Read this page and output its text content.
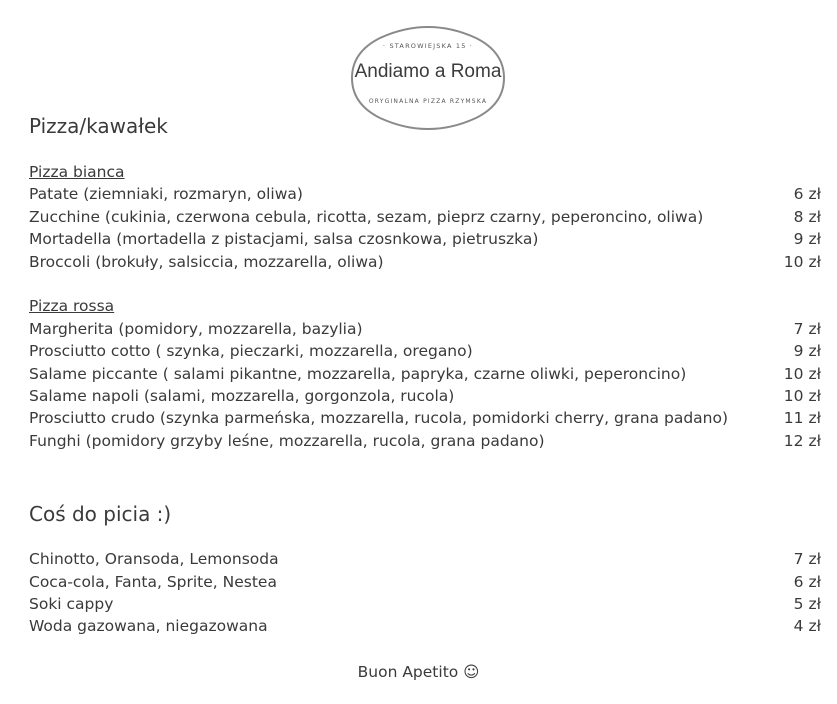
· STAROWIEJSKA 15 ·
Andiamo a Roma
ORYGINALNA PIZZA RZYMSKA
Pizza/kawałek
Pizza bianca
Patate (ziemniaki, rozmaryn, oliwa)	6 zł
Zucchine (cukinia, czerwona cebula, ricotta, sezam, pieprz czarny, peperoncino, oliwa)	8 zł
Mortadella (mortadella z pistacjami, salsa czosnkowa, pietruszka)	9 zł
Broccoli (brokuły, salsiccia, mozzarella, oliwa)	10 zł
Pizza rossa
Margherita (pomidory, mozzarella, bazylia)	7 zł
Prosciutto cotto ( szynka, pieczarki, mozzarella, oregano)	9 zł
Salame piccante ( salami pikantne, mozzarella, papryka, czarne oliwki, peperoncino)	10 zł
Salame napoli (salami, mozzarella, gorgonzola, rucola)	10 zł
Prosciutto crudo (szynka parmeńska, mozzarella, rucola, pomidorki cherry, grana padano)	11 zł
Funghi (pomidory grzyby leśne, mozzarella, rucola, grana padano)	12 zł
Coś do picia :)
Chinotto, Oransoda, Lemonsoda	7 zł
Coca-cola, Fanta, Sprite, Nestea	6 zł
Soki cappy	5 zł
Woda gazowana, niegazowana	4 zł
Buon Apetito ☺
